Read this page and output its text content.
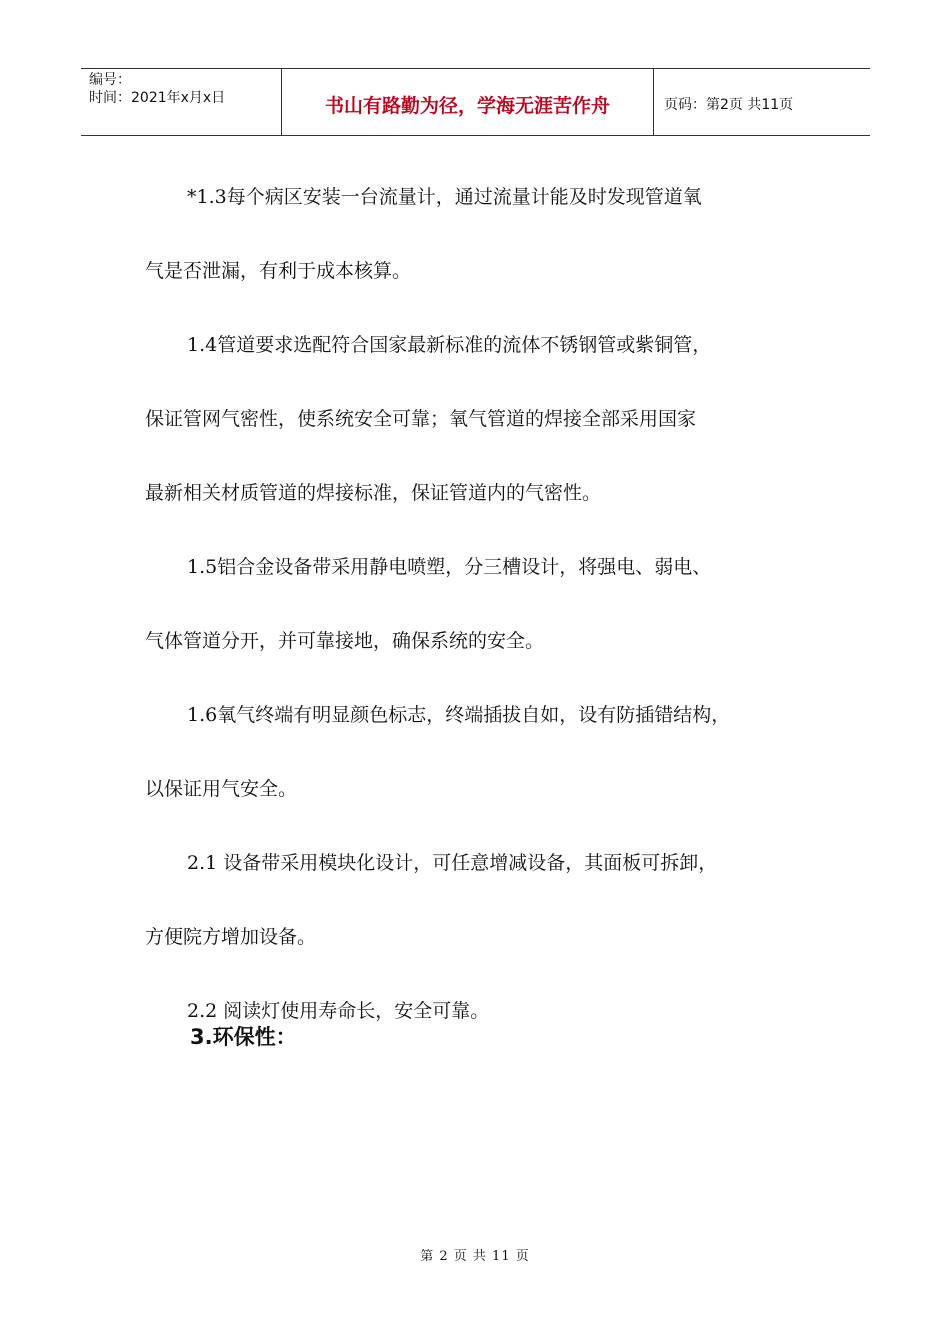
编号：
时间：2021年x月x日	书山有路勤为径，学海无涯苦作舟	页码：第2页 共11页

*1.3每个病区安装一台流量计，通过流量计能及时发现管道氧

气是否泄漏，有利于成本核算。

1.4管道要求选配符合国家最新标准的流体不锈钢管或紫铜管，

保证管网气密性，使系统安全可靠；氧气管道的焊接全部采用国家

最新相关材质管道的焊接标准，保证管道内的气密性。

1.5铝合金设备带采用静电喷塑，分三槽设计，将强电、弱电、

气体管道分开，并可靠接地，确保系统的安全。

1.6氧气终端有明显颜色标志，终端插拔自如，设有防插错结构，

以保证用气安全。

2.1 设备带采用模块化设计，可任意增减设备，其面板可拆卸，

方便院方增加设备。

2.2 阅读灯使用寿命长，安全可靠。

3.环保性：
第 2 页 共 11 页
